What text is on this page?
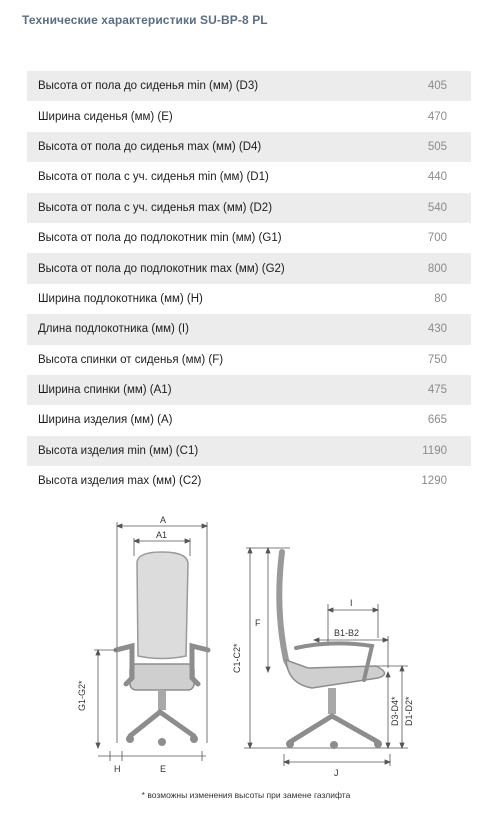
Технические характеристики SU-BP-8 PL
Высота от пола до сиденья min (мм) (D3)	405
Ширина сиденья (мм) (E)	470
Высота от пола до сиденья max (мм) (D4)	505
Высота от пола с уч. сиденья min (мм) (D1)	440
Высота от пола с уч. сиденья max (мм) (D2)	540
Высота от пола до подлокотник min (мм) (G1)	700
Высота от пола до подлокотник max (мм) (G2)	800
Ширина подлокотника (мм) (H)	80
Длина подлокотника (мм) (I)	430
Высота спинки от сиденья (мм) (F)	750
Ширина спинки (мм) (A1)	475
Ширина изделия (мм) (A)	665
Высота изделия min (мм) (C1)	1190
Высота изделия max (мм) (C2)	1290
A
A1
G1-G2*
H	E
F
C1-C2*
I
B1-B2
D3-D4* D1-D2*
J
* возможны изменения высоты при замене газлифта
